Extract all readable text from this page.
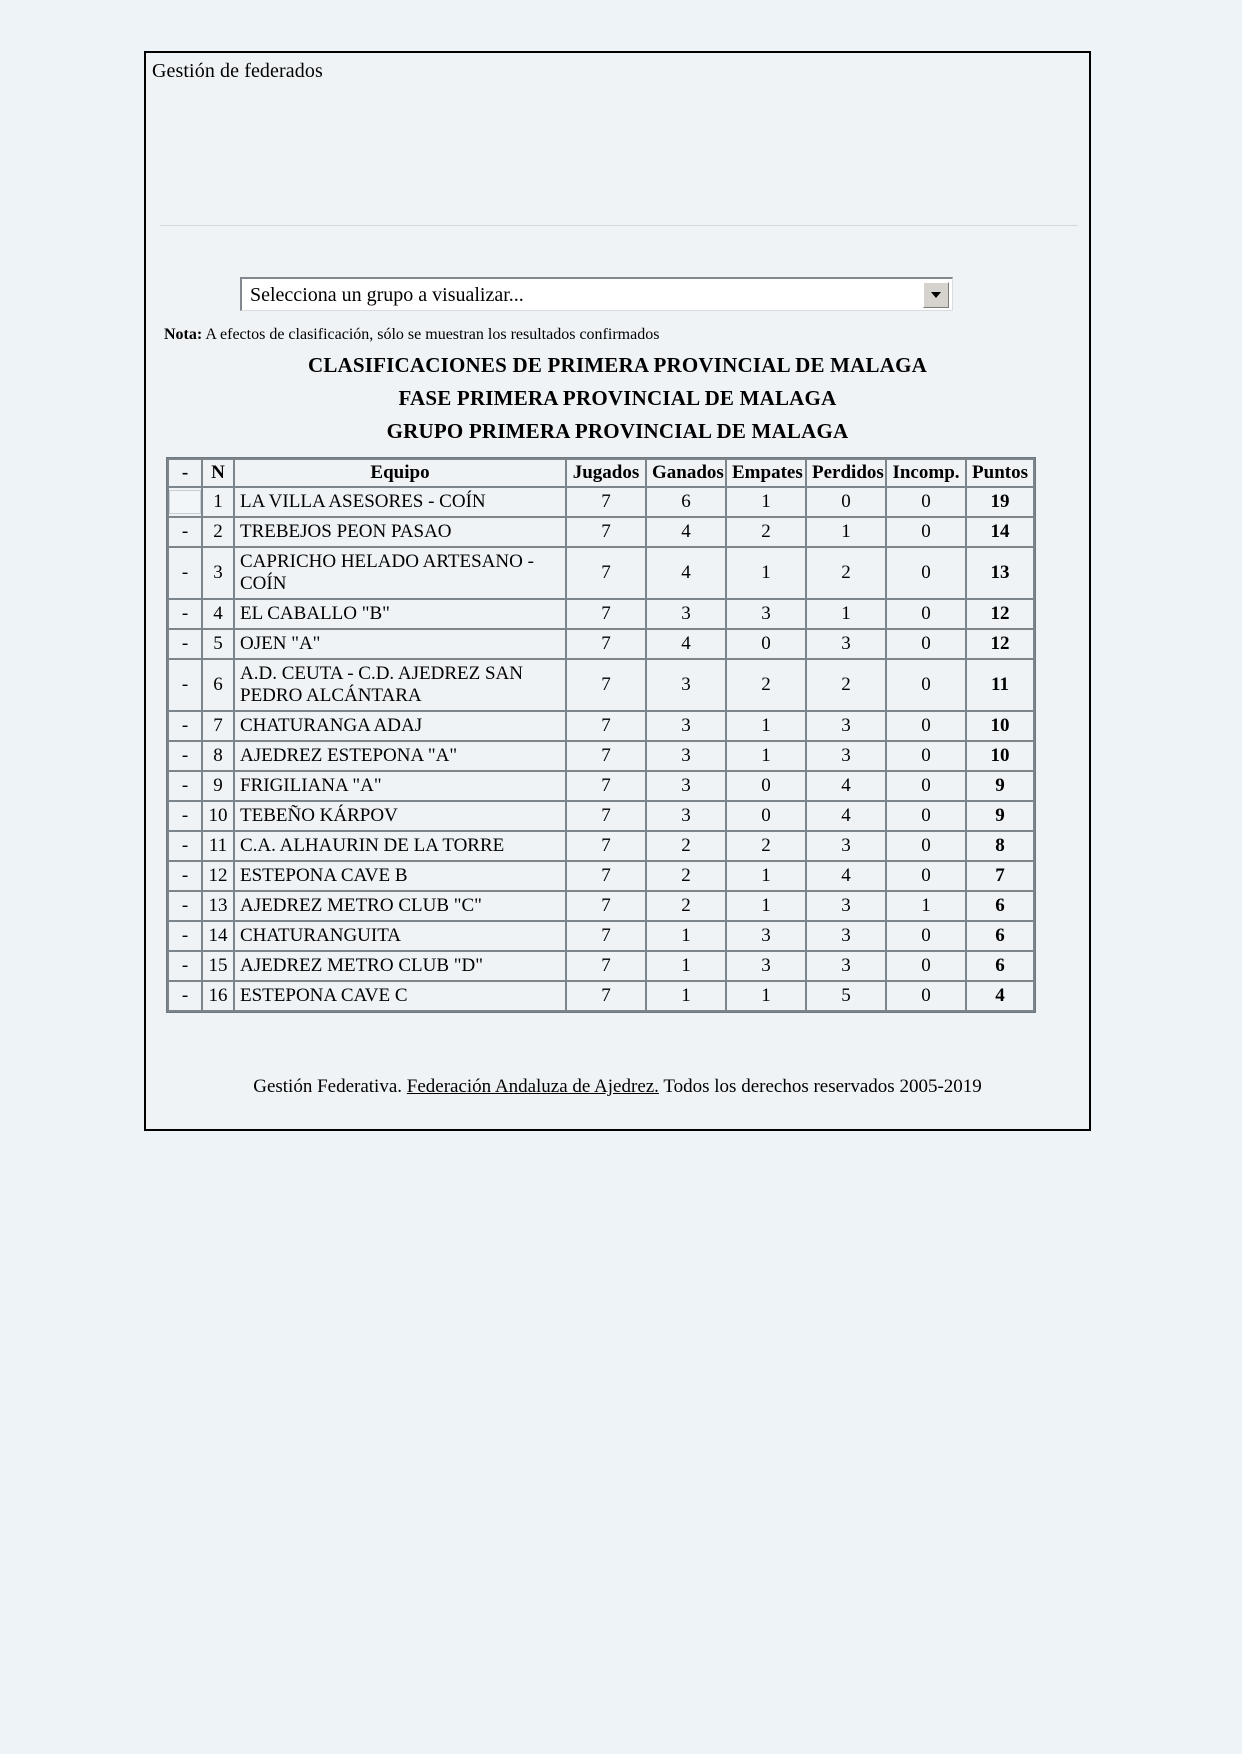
Gestión de federados
Selecciona un grupo a visualizar...
Nota: A efectos de clasificación, sólo se muestran los resultados confirmados
CLASIFICACIONES DE PRIMERA PROVINCIAL DE MALAGA
FASE PRIMERA PROVINCIAL DE MALAGA
GRUPO PRIMERA PROVINCIAL DE MALAGA
-	N	Equipo	Jugados	Ganados	Empates	Perdidos	Incomp.	Puntos

	1	LA VILLA ASESORES - COÍN	7	6	1	0	0	19
-	2	TREBEJOS PEON PASAO	7	4	2	1	0	14
-	3	CAPRICHO HELADO ARTESANO - COÍN	7	4	1	2	0	13
-	4	EL CABALLO "B"	7	3	3	1	0	12
-	5	OJEN "A"	7	4	0	3	0	12
-	6	A.D. CEUTA - C.D. AJEDREZ SAN PEDRO ALCÁNTARA	7	3	2	2	0	11
-	7	CHATURANGA ADAJ	7	3	1	3	0	10
-	8	AJEDREZ ESTEPONA "A"	7	3	1	3	0	10
-	9	FRIGILIANA "A"	7	3	0	4	0	9
-	10	TEBEÑO KÁRPOV	7	3	0	4	0	9
-	11	C.A. ALHAURIN DE LA TORRE	7	2	2	3	0	8
-	12	ESTEPONA CAVE B	7	2	1	4	0	7
-	13	AJEDREZ METRO CLUB "C"	7	2	1	3	1	6
-	14	CHATURANGUITA	7	1	3	3	0	6
-	15	AJEDREZ METRO CLUB "D"	7	1	3	3	0	6
-	16	ESTEPONA CAVE C	7	1	1	5	0	4
Gestión Federativa. Federación Andaluza de Ajedrez. Todos los derechos reservados 2005-2019
